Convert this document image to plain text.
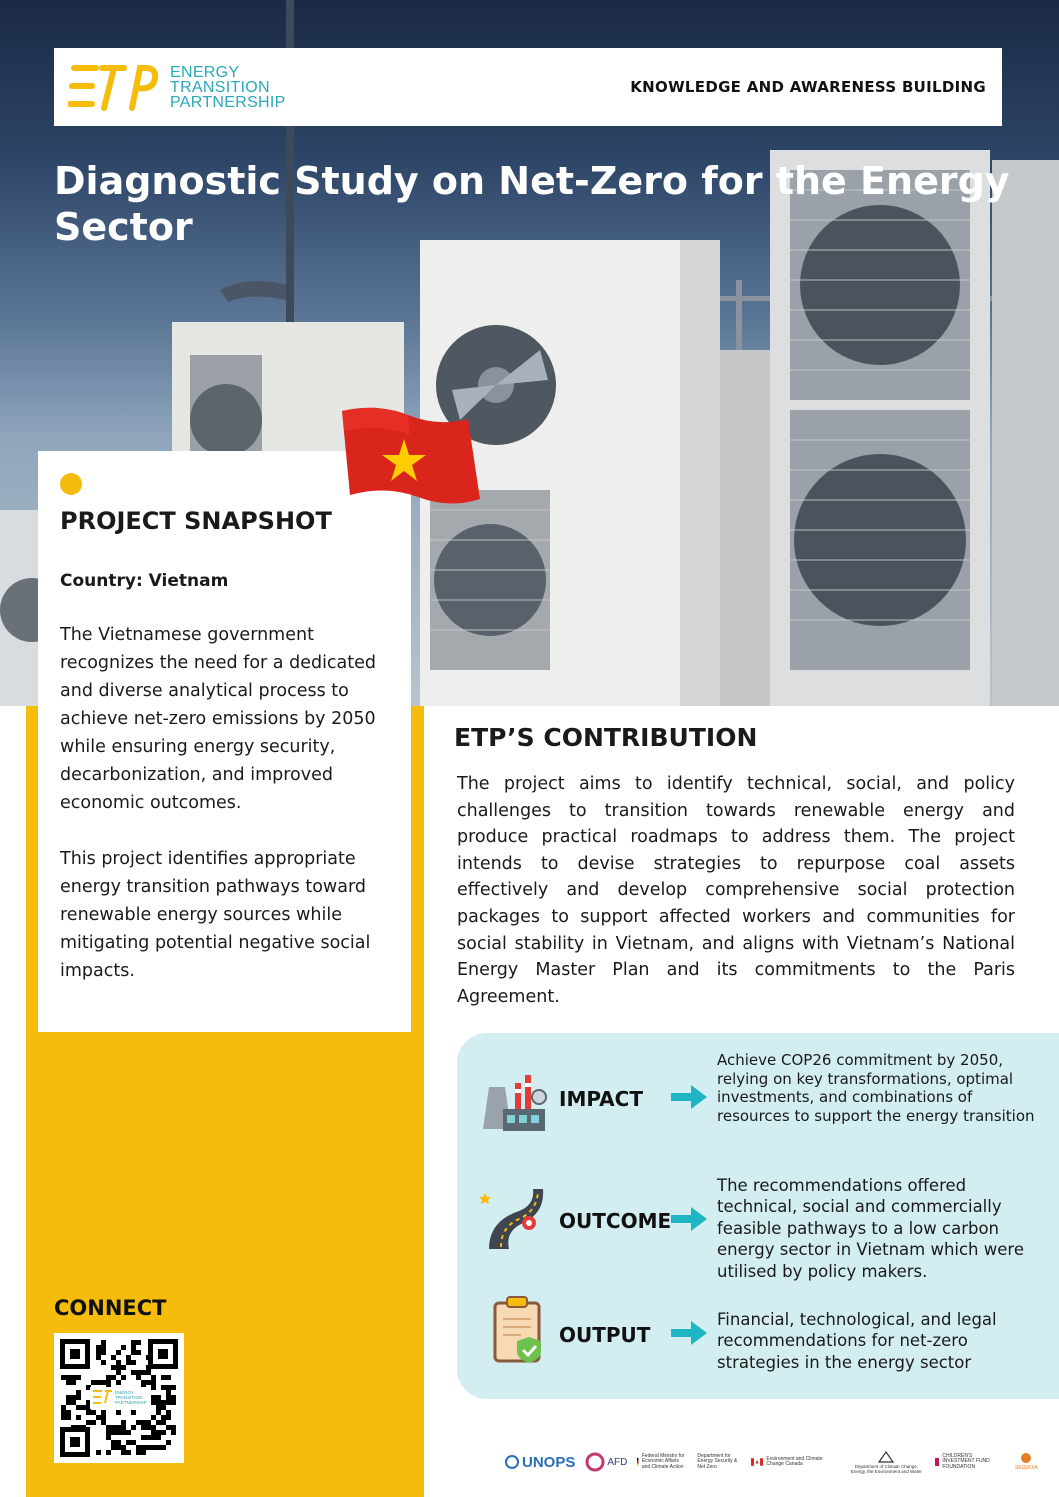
ENERGY
TRANSITION
PARTNERSHIP
KNOWLEDGE AND AWARENESS BUILDING
Diagnostic Study on Net-Zero for the Energy Sector
PROJECT SNAPSHOT
Country: Vietnam

The Vietnamese government recognizes the need for a dedicated and diverse analytical process to achieve net-zero emissions by 2050 while ensuring energy security, decarbonization, and improved economic outcomes.

This project identifies appropriate energy transition pathways toward renewable energy sources while mitigating potential negative social impacts.

CONNECT
ENERGY
TRANSITION
PARTNERSHIP
ETP’S CONTRIBUTION

The project aims to identify technical, social, and policy challenges to transition towards renewable energy and produce practical roadmaps to address them. The project intends to devise strategies to repurpose coal assets effectively and develop comprehensive social protection packages to support affected workers and communities for social stability in Vietnam, and aligns with Vietnam’s National Energy Master Plan and its commitments to the Paris Agreement.

IMPACT
Achieve COP26 commitment by 2050, relying on key transformations, optimal investments, and combinations of resources to support the energy transition
OUTCOME
The recommendations offered technical, social and commercially feasible pathways to a low carbon energy sector in Vietnam which were utilised by policy makers.
OUTPUT
Financial, technological, and legal recommendations for net-zero strategies in the energy sector
UNOPS	AFD
Federal Ministry for Economic Affairs and Climate Action
Department for Energy Security & Net Zero
Environment and Climate Change Canada	Department of Climate Change, Energy, the Environment and Water
CHILDREN’S INVESTMENT FUND FOUNDATION	SEQUOIA
